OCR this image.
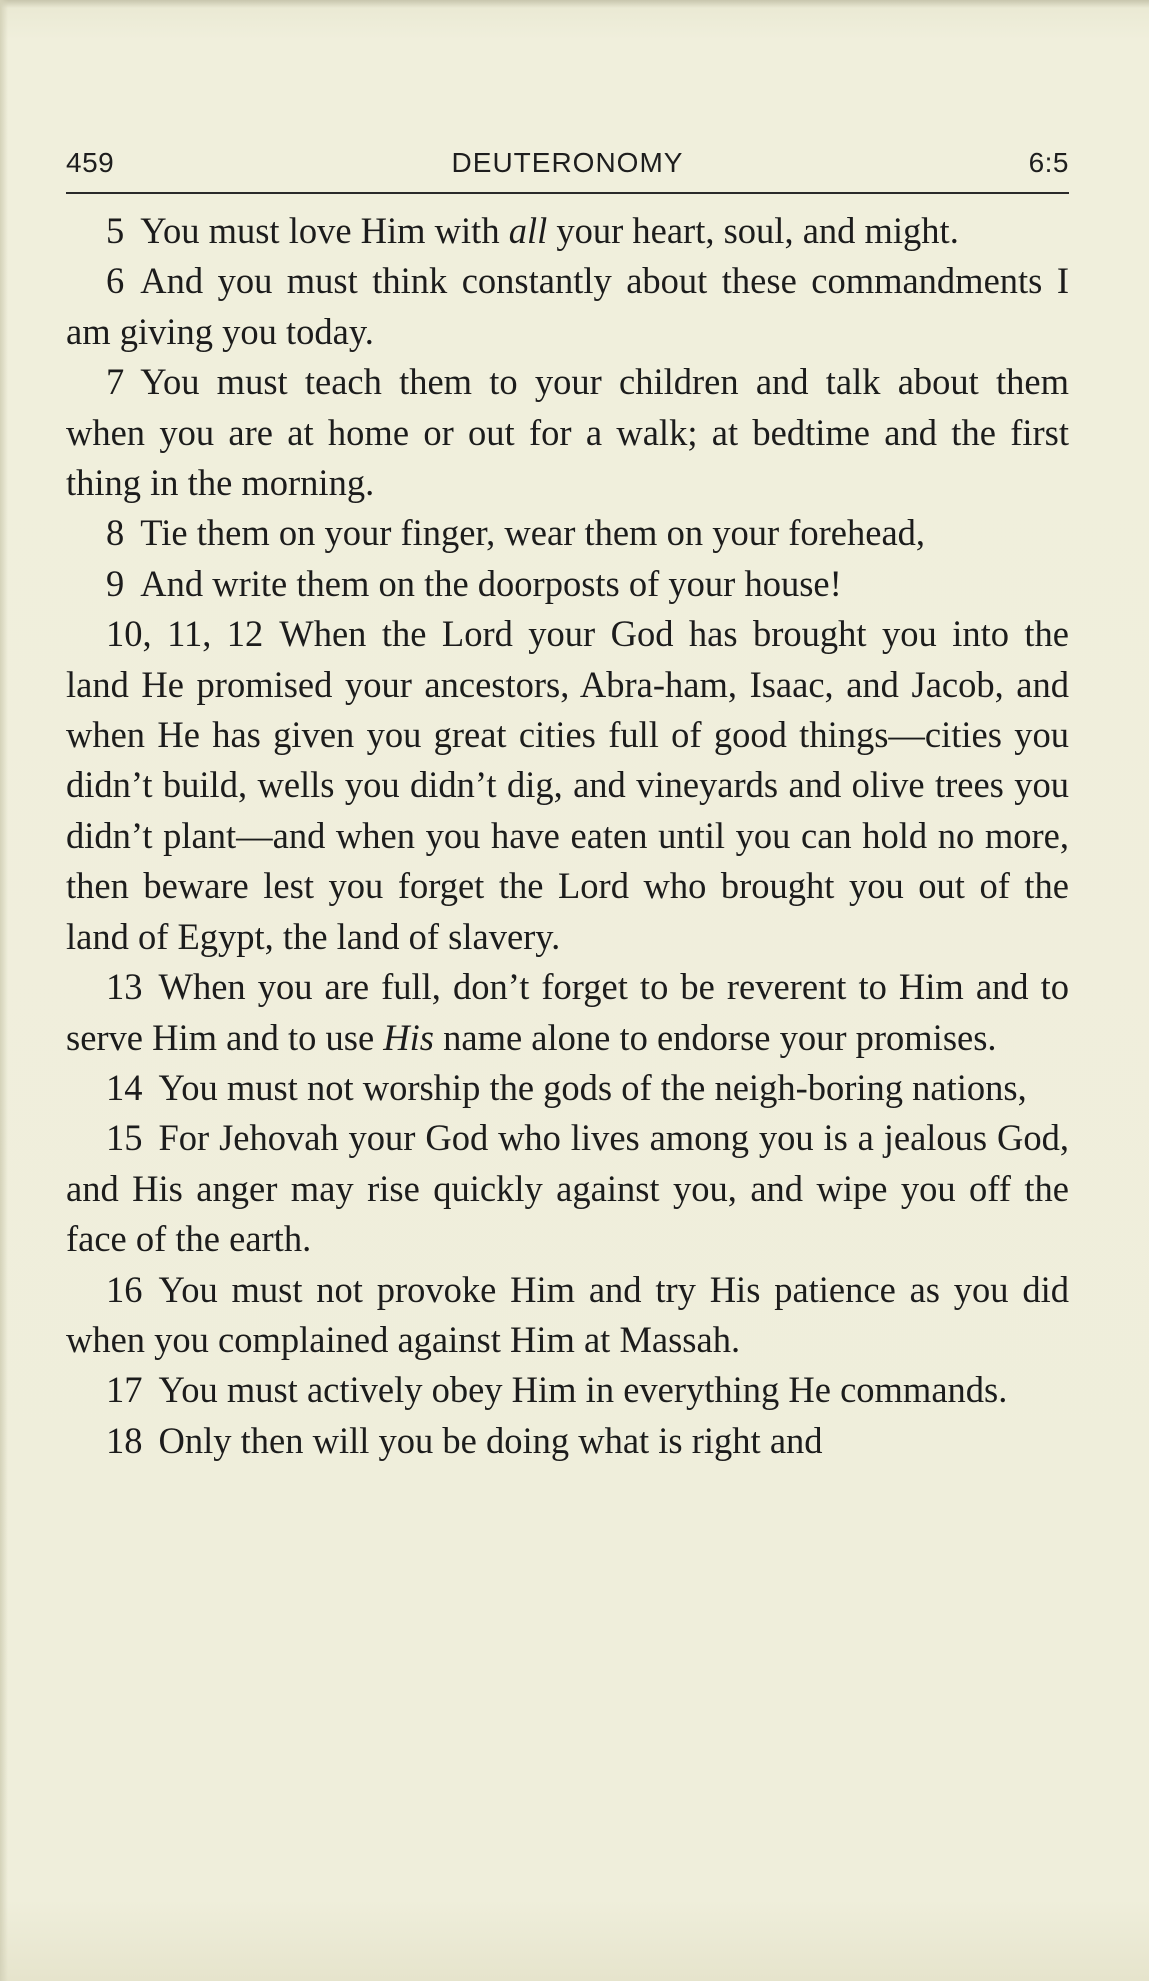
459	DEUTERONOMY	6:5

5 You must love Him with all your heart, soul, and might.

6 And you must think constantly about these commandments I am giving you today.

7 You must teach them to your children and talk about them when you are at home or out for a walk; at bedtime and the first thing in the morning.

8 Tie them on your finger, wear them on your forehead,

9 And write them on the doorposts of your house!

10, 11, 12 When the Lord your God has brought you into the land He promised your ancestors, Abra-ham, Isaac, and Jacob, and when He has given you great cities full of good things—cities you didn’t build, wells you didn’t dig, and vineyards and olive trees you didn’t plant—and when you have eaten until you can hold no more, then beware lest you forget the Lord who brought you out of the land of Egypt, the land of slavery.

13 When you are full, don’t forget to be reverent to Him and to serve Him and to use His name alone to endorse your promises.

14 You must not worship the gods of the neigh-boring nations,

15 For Jehovah your God who lives among you is a jealous God, and His anger may rise quickly against you, and wipe you off the face of the earth.

16 You must not provoke Him and try His patience as you did when you complained against Him at Massah.

17 You must actively obey Him in everything He commands.

18 Only then will you be doing what is right and
